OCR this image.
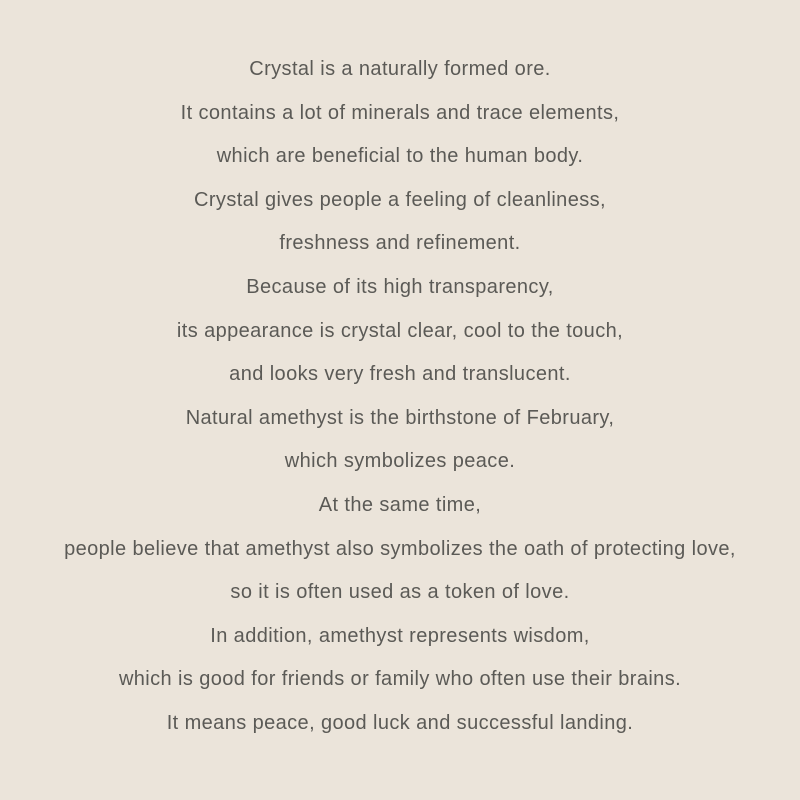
Crystal is a naturally formed ore.
It contains a lot of minerals and trace elements,
which are beneficial to the human body.
Crystal gives people a feeling of cleanliness,
freshness and refinement.
Because of its high transparency,
its appearance is crystal clear, cool to the touch,
and looks very fresh and translucent.
Natural amethyst is the birthstone of February,
which symbolizes peace.
At the same time,
people believe that amethyst also symbolizes the oath of protecting love,
so it is often used as a token of love.
In addition, amethyst represents wisdom,
which is good for friends or family who often use their brains.
It means peace, good luck and successful landing.
